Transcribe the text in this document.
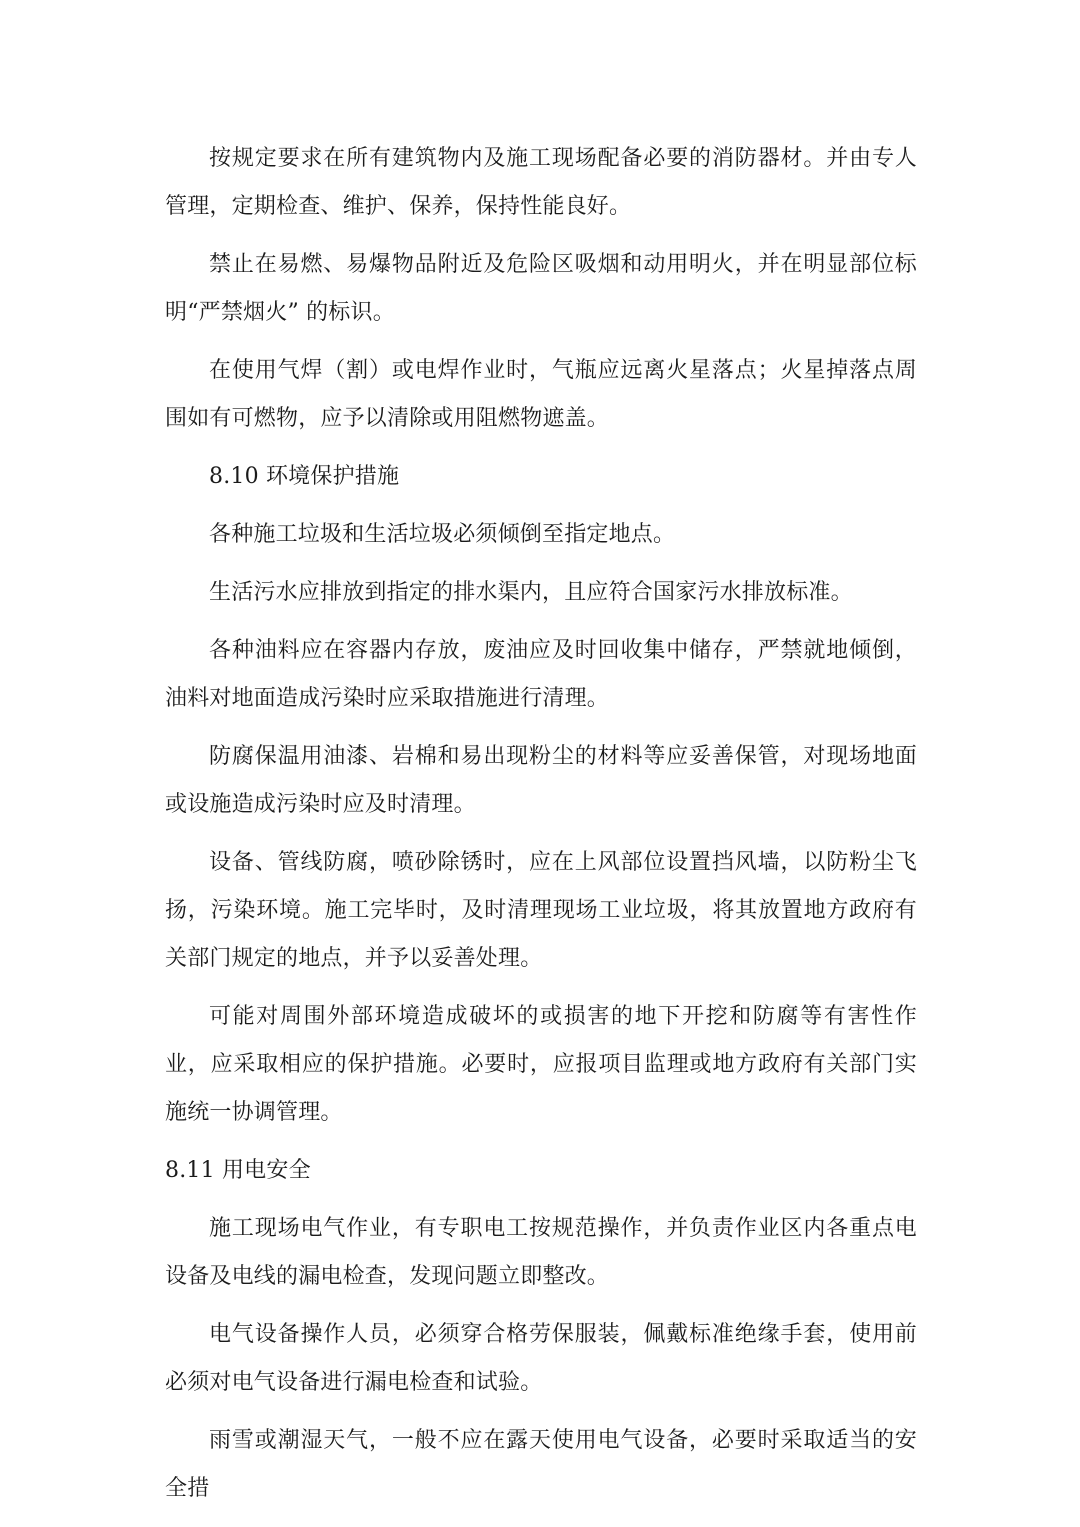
按规定要求在所有建筑物内及施工现场配备必要的消防器材。并由专人管理，定期检查、维护、保养，保持性能良好。

禁止在易燃、易爆物品附近及危险区吸烟和动用明火，并在明显部位标明“严禁烟火” 的标识。

在使用气焊（割）或电焊作业时，气瓶应远离火星落点；火星掉落点周围如有可燃物，应予以清除或用阻燃物遮盖。

8.10 环境保护措施

各种施工垃圾和生活垃圾必须倾倒至指定地点。

生活污水应排放到指定的排水渠内，且应符合国家污水排放标准。

各种油料应在容器内存放，废油应及时回收集中储存，严禁就地倾倒，油料对地面造成污染时应采取措施进行清理。

防腐保温用油漆、岩棉和易出现粉尘的材料等应妥善保管，对现场地面或设施造成污染时应及时清理。

设备、管线防腐，喷砂除锈时，应在上风部位设置挡风墙，以防粉尘飞扬，污染环境。施工完毕时，及时清理现场工业垃圾，将其放置地方政府有关部门规定的地点，并予以妥善处理。

可能对周围外部环境造成破坏的或损害的地下开挖和防腐等有害性作业，应采取相应的保护措施。必要时，应报项目监理或地方政府有关部门实施统一协调管理。

8.11 用电安全

施工现场电气作业，有专职电工按规范操作，并负责作业区内各重点电设备及电线的漏电检查，发现问题立即整改。

电气设备操作人员，必须穿合格劳保服装，佩戴标准绝缘手套，使用前必须对电气设备进行漏电检查和试验。

雨雪或潮湿天气，一般不应在露天使用电气设备，必要时采取适当的安全措
